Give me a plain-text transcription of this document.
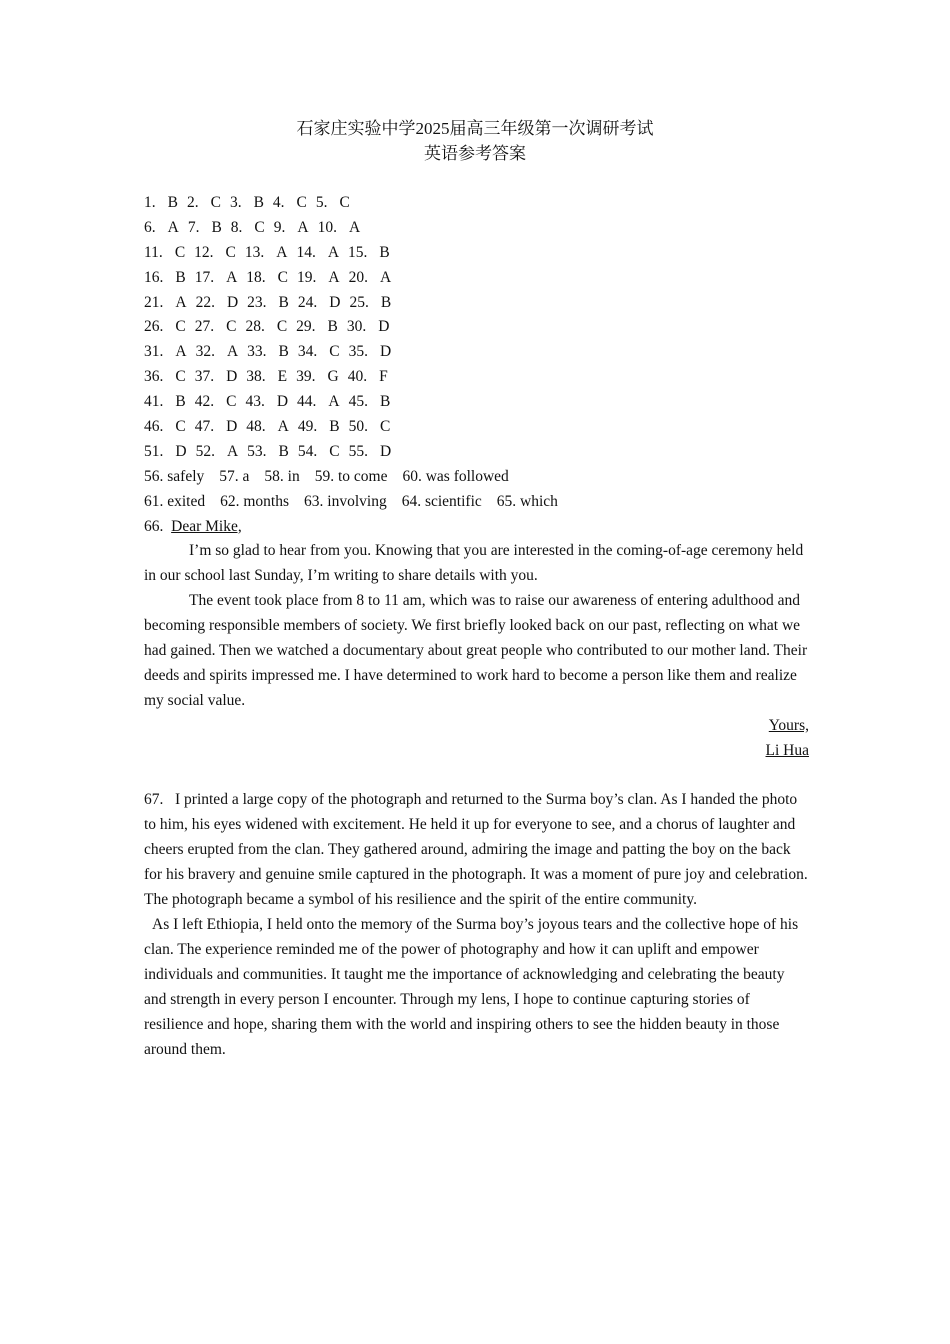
石家庄实验中学2025届高三年级第一次调研考试
英语参考答案
1. B 2. C 3. B 4. C 5. C
6. A 7. B 8. C 9. A 10. A
11. C 12. C 13. A 14. A 15. B
16. B 17. A 18. C 19. A 20. A
21. A 22. D 23. B 24. D 25. B
26. C 27. C 28. C 29. B 30. D
31. A 32. A 33. B 34. C 35. D
36. C 37. D 38. E 39. G 40. F
41. B 42. C 43. D 44. A 45. B
46. C 47. D 48. A 49. B 50. C
51. D 52. A 53. B 54. C 55. D
56. safely 57. a 58. in 59. to come 60. was followed
61. exited 62. months 63. involving 64. scientific 65. which
66. Dear Mike,

I’m so glad to hear from you. Knowing that you are interested in the coming-of-age ceremony held in our school last Sunday, I’m writing to share details with you.

The event took place from 8 to 11 am, which was to raise our awareness of entering adulthood and becoming responsible members of society. We first briefly looked back on our past, reflecting on what we had gained. Then we watched a documentary about great people who contributed to our mother land. Their deeds and spirits impressed me. I have determined to work hard to become a person like them and realize my social value.

Yours,
Li Hua

67. I printed a large copy of the photograph and returned to the Surma boy’s clan. As I handed the photo to him, his eyes widened with excitement. He held it up for everyone to see, and a chorus of laughter and cheers erupted from the clan. They gathered around, admiring the image and patting the boy on the back for his bravery and genuine smile captured in the photograph. It was a moment of pure joy and celebration. The photograph became a symbol of his resilience and the spirit of the entire community.

As I left Ethiopia, I held onto the memory of the Surma boy’s joyous tears and the collective hope of his clan. The experience reminded me of the power of photography and how it can uplift and empower individuals and communities. It taught me the importance of acknowledging and celebrating the beauty and strength in every person I encounter. Through my lens, I hope to continue capturing stories of resilience and hope, sharing them with the world and inspiring others to see the hidden beauty in those around them.
